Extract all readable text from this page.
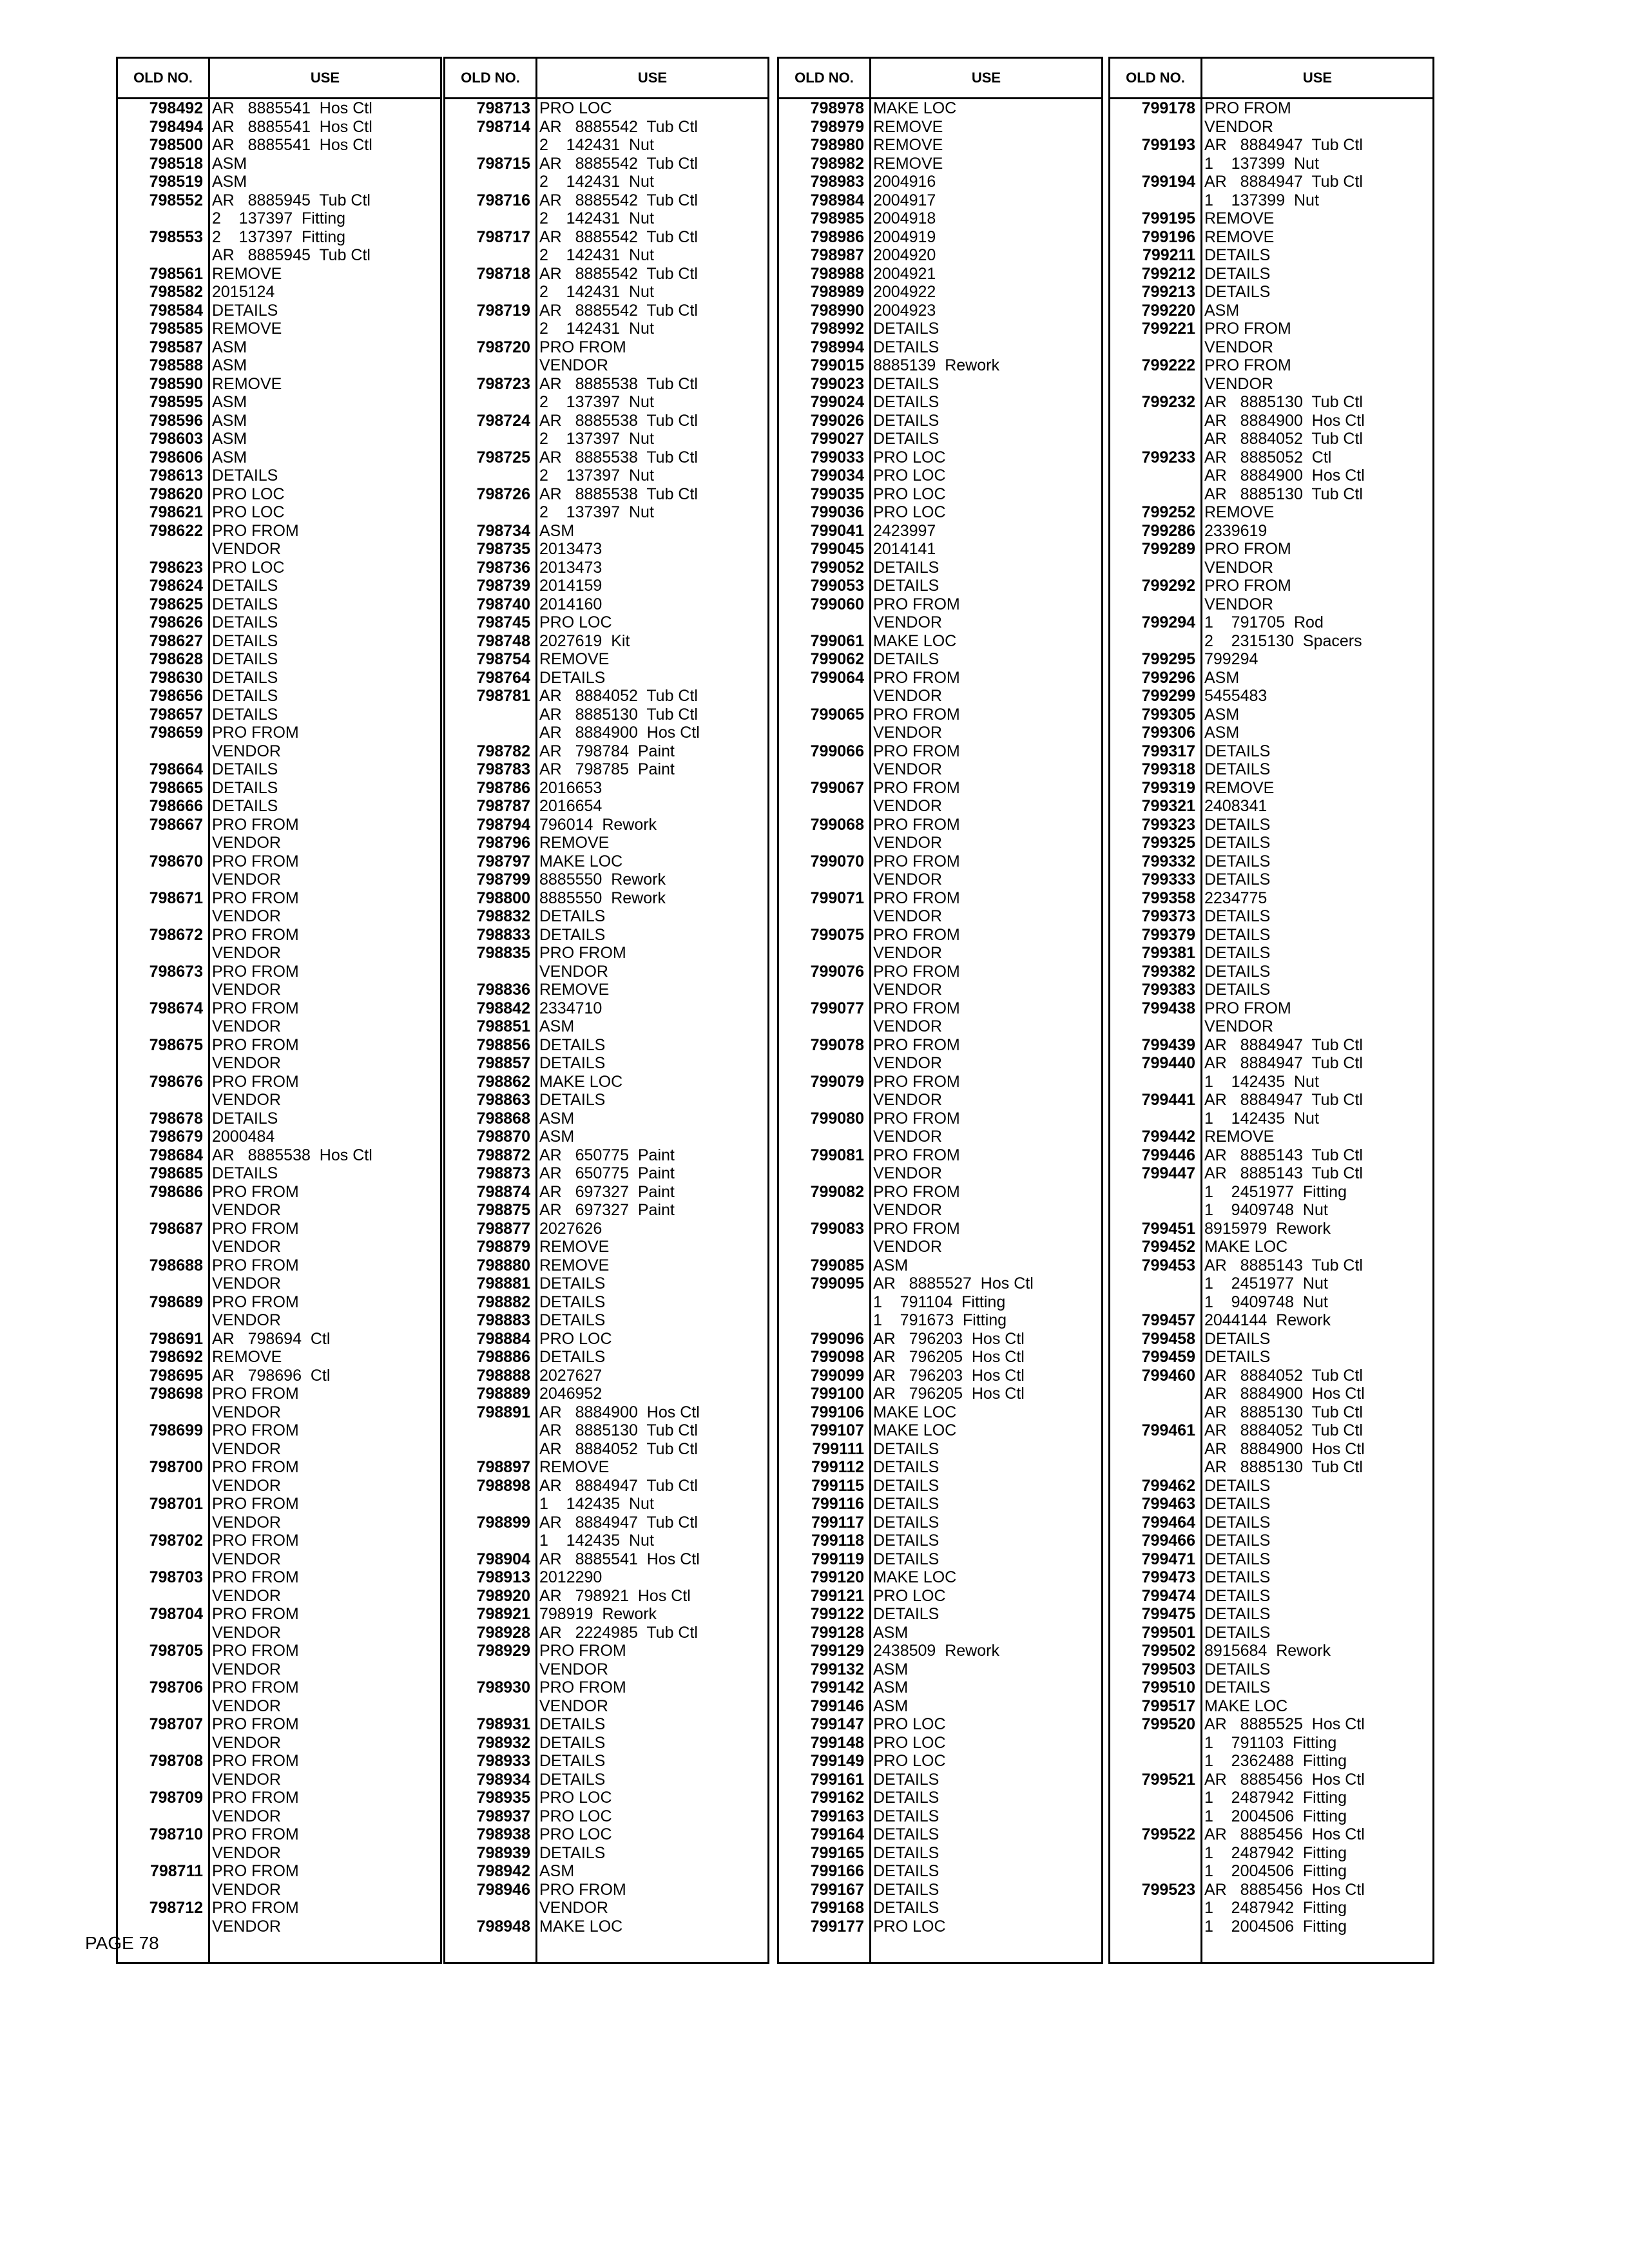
OLD NO.	USE
798492 AR   8885541  Hos Ctl
798494 AR   8885541  Hos Ctl
798500 AR   8885541  Hos Ctl
798518 ASM
798519 ASM
798552 AR   8885945  Tub Ctl
2    137397  Fitting
798553 2    137397  Fitting
AR   8885945  Tub Ctl
798561 REMOVE
798582 2015124
798584 DETAILS
798585 REMOVE
798587 ASM
798588 ASM
798590 REMOVE
798595 ASM
798596 ASM
798603 ASM
798606 ASM
798613 DETAILS
798620 PRO LOC
798621 PRO LOC
798622 PRO FROM
VENDOR
798623 PRO LOC
798624 DETAILS
798625 DETAILS
798626 DETAILS
798627 DETAILS
798628 DETAILS
798630 DETAILS
798656 DETAILS
798657 DETAILS
798659 PRO FROM
VENDOR
798664 DETAILS
798665 DETAILS
798666 DETAILS
798667 PRO FROM
VENDOR
798670 PRO FROM
VENDOR
798671 PRO FROM
VENDOR
798672 PRO FROM
VENDOR
798673 PRO FROM
VENDOR
798674 PRO FROM
VENDOR
798675 PRO FROM
VENDOR
798676 PRO FROM
VENDOR
798678 DETAILS
798679 2000484
798684 AR   8885538  Hos Ctl
798685 DETAILS
798686 PRO FROM
VENDOR
798687 PRO FROM
VENDOR
798688 PRO FROM
VENDOR
798689 PRO FROM
VENDOR
798691 AR   798694  Ctl
798692 REMOVE
798695 AR   798696  Ctl
798698 PRO FROM
VENDOR
798699 PRO FROM
VENDOR
798700 PRO FROM
VENDOR
798701 PRO FROM
VENDOR
798702 PRO FROM
VENDOR
798703 PRO FROM
VENDOR
798704 PRO FROM
VENDOR
798705 PRO FROM
VENDOR
798706 PRO FROM
VENDOR
798707 PRO FROM
VENDOR
798708 PRO FROM
VENDOR
798709 PRO FROM
VENDOR
798710 PRO FROM
VENDOR
798711 PRO FROM
VENDOR
798712 PRO FROM
VENDOR
OLD NO.	USE
798713 PRO LOC
798714 AR   8885542  Tub Ctl
2    142431  Nut
798715 AR   8885542  Tub Ctl
2    142431  Nut
798716 AR   8885542  Tub Ctl
2    142431  Nut
798717 AR   8885542  Tub Ctl
2    142431  Nut
798718 AR   8885542  Tub Ctl
2    142431  Nut
798719 AR   8885542  Tub Ctl
2    142431  Nut
798720 PRO FROM
VENDOR
798723 AR   8885538  Tub Ctl
2    137397  Nut
798724 AR   8885538  Tub Ctl
2    137397  Nut
798725 AR   8885538  Tub Ctl
2    137397  Nut
798726 AR   8885538  Tub Ctl
2    137397  Nut
798734 ASM
798735 2013473
798736 2013473
798739 2014159
798740 2014160
798745 PRO LOC
798748 2027619  Kit
798754 REMOVE
798764 DETAILS
798781 AR   8884052  Tub Ctl
AR   8885130  Tub Ctl
AR   8884900  Hos Ctl
798782 AR   798784  Paint
798783 AR   798785  Paint
798786 2016653
798787 2016654
798794 796014  Rework
798796 REMOVE
798797 MAKE LOC
798799 8885550  Rework
798800 8885550  Rework
798832 DETAILS
798833 DETAILS
798835 PRO FROM
VENDOR
798836 REMOVE
798842 2334710
798851 ASM
798856 DETAILS
798857 DETAILS
798862 MAKE LOC
798863 DETAILS
798868 ASM
798870 ASM
798872 AR   650775  Paint
798873 AR   650775  Paint
798874 AR   697327  Paint
798875 AR   697327  Paint
798877 2027626
798879 REMOVE
798880 REMOVE
798881 DETAILS
798882 DETAILS
798883 DETAILS
798884 PRO LOC
798886 DETAILS
798888 2027627
798889 2046952
798891 AR   8884900  Hos Ctl
AR   8885130  Tub Ctl
AR   8884052  Tub Ctl
798897 REMOVE
798898 AR   8884947  Tub Ctl
1    142435  Nut
798899 AR   8884947  Tub Ctl
1    142435  Nut
798904 AR   8885541  Hos Ctl
798913 2012290
798920 AR   798921  Hos Ctl
798921 798919  Rework
798928 AR   2224985  Tub Ctl
798929 PRO FROM
VENDOR
798930 PRO FROM
VENDOR
798931 DETAILS
798932 DETAILS
798933 DETAILS
798934 DETAILS
798935 PRO LOC
798937 PRO LOC
798938 PRO LOC
798939 DETAILS
798942 ASM
798946 PRO FROM
VENDOR
798948 MAKE LOC
OLD NO.	USE
798978 MAKE LOC
798979 REMOVE
798980 REMOVE
798982 REMOVE
798983 2004916
798984 2004917
798985 2004918
798986 2004919
798987 2004920
798988 2004921
798989 2004922
798990 2004923
798992 DETAILS
798994 DETAILS
799015 8885139  Rework
799023 DETAILS
799024 DETAILS
799026 DETAILS
799027 DETAILS
799033 PRO LOC
799034 PRO LOC
799035 PRO LOC
799036 PRO LOC
799041 2423997
799045 2014141
799052 DETAILS
799053 DETAILS
799060 PRO FROM
VENDOR
799061 MAKE LOC
799062 DETAILS
799064 PRO FROM
VENDOR
799065 PRO FROM
VENDOR
799066 PRO FROM
VENDOR
799067 PRO FROM
VENDOR
799068 PRO FROM
VENDOR
799070 PRO FROM
VENDOR
799071 PRO FROM
VENDOR
799075 PRO FROM
VENDOR
799076 PRO FROM
VENDOR
799077 PRO FROM
VENDOR
799078 PRO FROM
VENDOR
799079 PRO FROM
VENDOR
799080 PRO FROM
VENDOR
799081 PRO FROM
VENDOR
799082 PRO FROM
VENDOR
799083 PRO FROM
VENDOR
799085 ASM
799095 AR   8885527  Hos Ctl
1    791104  Fitting
1    791673  Fitting
799096 AR   796203  Hos Ctl
799098 AR   796205  Hos Ctl
799099 AR   796203  Hos Ctl
799100 AR   796205  Hos Ctl
799106 MAKE LOC
799107 MAKE LOC
799111 DETAILS
799112 DETAILS
799115 DETAILS
799116 DETAILS
799117 DETAILS
799118 DETAILS
799119 DETAILS
799120 MAKE LOC
799121 PRO LOC
799122 DETAILS
799128 ASM
799129 2438509  Rework
799132 ASM
799142 ASM
799146 ASM
799147 PRO LOC
799148 PRO LOC
799149 PRO LOC
799161 DETAILS
799162 DETAILS
799163 DETAILS
799164 DETAILS
799165 DETAILS
799166 DETAILS
799167 DETAILS
799168 DETAILS
799177 PRO LOC
OLD NO.	USE
799178 PRO FROM
VENDOR
799193 AR   8884947  Tub Ctl
1    137399  Nut
799194 AR   8884947  Tub Ctl
1    137399  Nut
799195 REMOVE
799196 REMOVE
799211 DETAILS
799212 DETAILS
799213 DETAILS
799220 ASM
799221 PRO FROM
VENDOR
799222 PRO FROM
VENDOR
799232 AR   8885130  Tub Ctl
AR   8884900  Hos Ctl
AR   8884052  Tub Ctl
799233 AR   8885052  Ctl
AR   8884900  Hos Ctl
AR   8885130  Tub Ctl
799252 REMOVE
799286 2339619
799289 PRO FROM
VENDOR
799292 PRO FROM
VENDOR
799294 1    791705  Rod
2    2315130  Spacers
799295 799294
799296 ASM
799299 5455483
799305 ASM
799306 ASM
799317 DETAILS
799318 DETAILS
799319 REMOVE
799321 2408341
799323 DETAILS
799325 DETAILS
799332 DETAILS
799333 DETAILS
799358 2234775
799373 DETAILS
799379 DETAILS
799381 DETAILS
799382 DETAILS
799383 DETAILS
799438 PRO FROM
VENDOR
799439 AR   8884947  Tub Ctl
799440 AR   8884947  Tub Ctl
1    142435  Nut
799441 AR   8884947  Tub Ctl
1    142435  Nut
799442 REMOVE
799446 AR   8885143  Tub Ctl
799447 AR   8885143  Tub Ctl
1    2451977  Fitting
1    9409748  Nut
799451 8915979  Rework
799452 MAKE LOC
799453 AR   8885143  Tub Ctl
1    2451977  Nut
1    9409748  Nut
799457 2044144  Rework
799458 DETAILS
799459 DETAILS
799460 AR   8884052  Tub Ctl
AR   8884900  Hos Ctl
AR   8885130  Tub Ctl
799461 AR   8884052  Tub Ctl
AR   8884900  Hos Ctl
AR   8885130  Tub Ctl
799462 DETAILS
799463 DETAILS
799464 DETAILS
799466 DETAILS
799471 DETAILS
799473 DETAILS
799474 DETAILS
799475 DETAILS
799501 DETAILS
799502 8915684  Rework
799503 DETAILS
799510 DETAILS
799517 MAKE LOC
799520 AR   8885525  Hos Ctl
1    791103  Fitting
1    2362488  Fitting
799521 AR   8885456  Hos Ctl
1    2487942  Fitting
1    2004506  Fitting
799522 AR   8885456  Hos Ctl
1    2487942  Fitting
1    2004506  Fitting
799523 AR   8885456  Hos Ctl
1    2487942  Fitting
1    2004506  Fitting
PAGE 78
